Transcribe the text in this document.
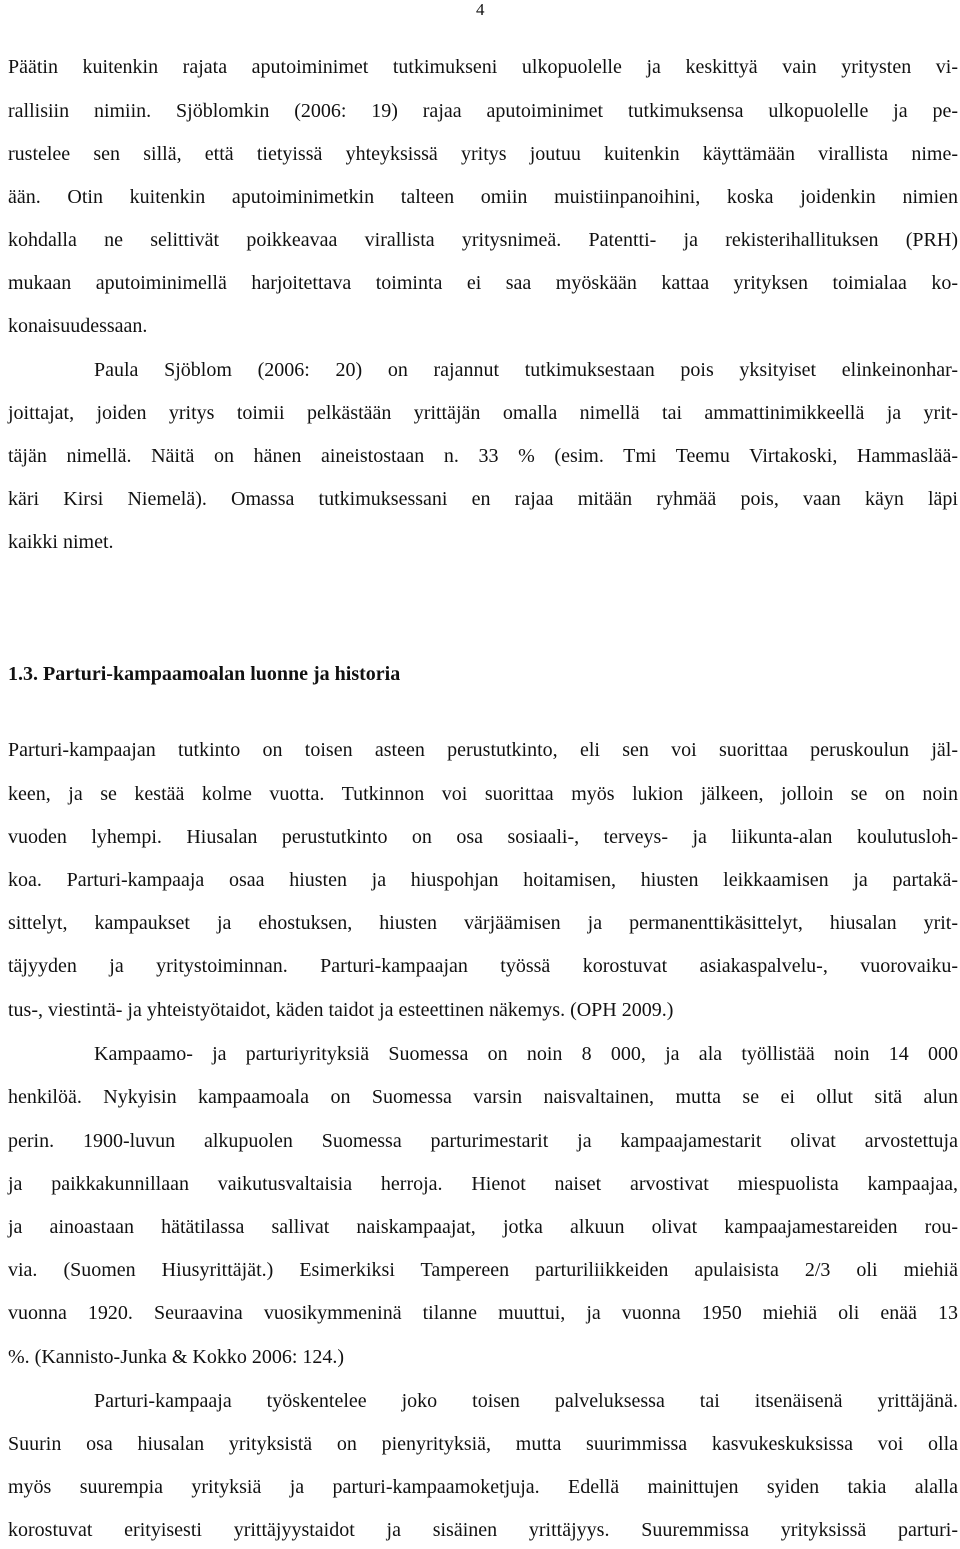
4
Päätin kuitenkin rajata aputoiminimet tutkimukseni ulkopuolelle ja keskittyä vain yritysten vi-
rallisiin nimiin. Sjöblomkin (2006: 19) rajaa aputoiminimet tutkimuksensa ulkopuolelle ja pe-
rustelee sen sillä, että tietyissä yhteyksissä yritys joutuu kuitenkin käyttämään virallista nime-
ään. Otin kuitenkin aputoiminimetkin talteen omiin muistiinpanoihini, koska joidenkin nimien
kohdalla ne selittivät poikkeavaa virallista yritysnimeä. Patentti- ja rekisterihallituksen (PRH)
mukaan aputoiminimellä harjoitettava toiminta ei saa myöskään kattaa yrityksen toimialaa ko-
konaisuudessaan.
Paula Sjöblom (2006: 20) on rajannut tutkimuksestaan pois yksityiset elinkeinonhar-
joittajat, joiden yritys toimii pelkästään yrittäjän omalla nimellä tai ammattinimikkeellä ja yrit-
täjän nimellä. Näitä on hänen aineistostaan n. 33 % (esim. Tmi Teemu Virtakoski, Hammaslää-
käri Kirsi Niemelä). Omassa tutkimuksessani en rajaa mitään ryhmää pois, vaan käyn läpi
kaikki nimet.
1.3. Parturi-kampaamoalan luonne ja historia
Parturi-kampaajan tutkinto on toisen asteen perustutkinto, eli sen voi suorittaa peruskoulun jäl-
keen, ja se kestää kolme vuotta. Tutkinnon voi suorittaa myös lukion jälkeen, jolloin se on noin
vuoden lyhempi. Hiusalan perustutkinto on osa sosiaali-, terveys- ja liikunta-alan koulutusloh-
koa. Parturi-kampaaja osaa hiusten ja hiuspohjan hoitamisen, hiusten leikkaamisen ja partakä-
sittelyt, kampaukset ja ehostuksen, hiusten värjäämisen ja permanenttikäsittelyt, hiusalan yrit-
täjyyden ja yritystoiminnan. Parturi-kampaajan työssä korostuvat asiakaspalvelu-, vuorovaiku-
tus-, viestintä- ja yhteistyötaidot, käden taidot ja esteettinen näkemys. (OPH 2009.)
Kampaamo- ja parturiyrityksiä Suomessa on noin 8 000, ja ala työllistää noin 14 000
henkilöä. Nykyisin kampaamoala on Suomessa varsin naisvaltainen, mutta se ei ollut sitä alun
perin. 1900-luvun alkupuolen Suomessa parturimestarit ja kampaajamestarit olivat arvostettuja
ja paikkakunnillaan vaikutusvaltaisia herroja. Hienot naiset arvostivat miespuolista kampaajaa,
ja ainoastaan hätätilassa sallivat naiskampaajat, jotka alkuun olivat kampaajamestareiden rou-
via. (Suomen Hiusyrittäjät.) Esimerkiksi Tampereen parturiliikkeiden apulaisista 2/3 oli miehiä
vuonna 1920. Seuraavina vuosikymmeninä tilanne muuttui, ja vuonna 1950 miehiä oli enää 13
%. (Kannisto-Junka & Kokko 2006: 124.)
Parturi-kampaaja työskentelee joko toisen palveluksessa tai itsenäisenä yrittäjänä.
Suurin osa hiusalan yrityksistä on pienyrityksiä, mutta suurimmissa kasvukeskuksissa voi olla
myös suurempia yrityksiä ja parturi-kampaamoketjuja. Edellä mainittujen syiden takia alalla
korostuvat erityisesti yrittäjyystaidot ja sisäinen yrittäjyys. Suuremmissa yrityksissä parturi-
